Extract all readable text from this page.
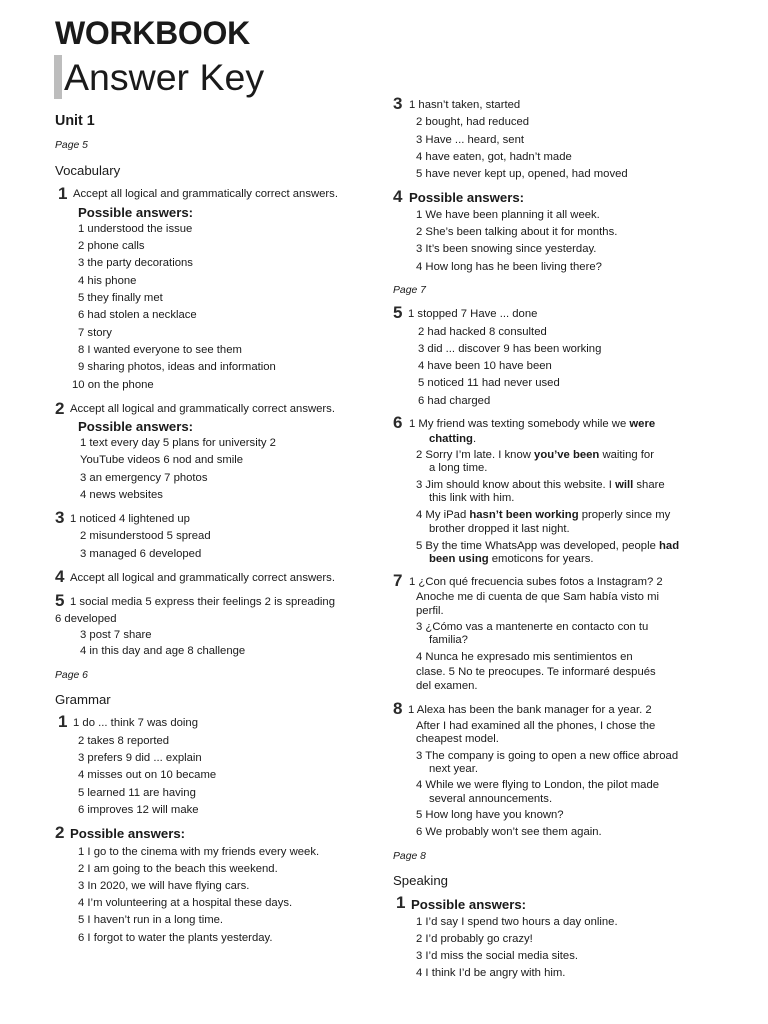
WORKBOOK
Answer Key
Unit 1
Page 5
Vocabulary
1 Accept all logical and grammatically correct answers.
Possible answers:
1 understood the issue
2 phone calls
3 the party decorations
4 his phone
5 they finally met
6 had stolen a necklace
7 story
8 I wanted everyone to see them
9 sharing photos, ideas and information
10 on the phone
2 Accept all logical and grammatically correct answers.
Possible answers:
1 text every day 5 plans for university 2
YouTube videos 6 nod and smile
3 an emergency 7 photos
4 news websites
3 1 noticed 4 lightened up
2 misunderstood 5 spread
3 managed 6 developed
4 Accept all logical and grammatically correct answers.
5 1 social media 5 express their feelings 2 is spreading
6 developed
3 post 7 share
4 in this day and age 8 challenge
Page 6
Grammar
1 1 do ... think 7 was doing
2 takes 8 reported
3 prefers 9 did ... explain
4 misses out on 10 became
5 learned 11 are having
6 improves 12 will make
2 Possible answers:
1 I go to the cinema with my friends every week.
2 I am going to the beach this weekend.
3 In 2020, we will have flying cars.
4 I’m volunteering at a hospital these days.
5 I haven’t run in a long time.
6 I forgot to water the plants yesterday.
3 1 hasn’t taken, started
2 bought, had reduced
3 Have ... heard, sent
4 have eaten, got, hadn’t made
5 have never kept up, opened, had moved
4 Possible answers:
1 We have been planning it all week.
2 She’s been talking about it for months.
3 It’s been snowing since yesterday.
4 How long has he been living there?
Page 7
5 1 stopped 7 Have ... done
2 had hacked 8 consulted
3 did ... discover 9 has been working
4 have been 10 have been
5 noticed 11 had never used
6 had charged
6 1 My friend was texting somebody while we were
chatting.
2 Sorry I’m late. I know you’ve been waiting for
a long time.
3 Jim should know about this website. I will share
this link with him.
4 My iPad hasn’t been working properly since my
brother dropped it last night.
5 By the time WhatsApp was developed, people had
been using emoticons for years.
7 1 ¿Con qué frecuencia subes fotos a Instagram? 2
Anoche me di cuenta de que Sam había visto mi
perfil.
3 ¿Cómo vas a mantenerte en contacto con tu
familia?
4 Nunca he expresado mis sentimientos en
clase. 5 No te preocupes. Te informaré después
del examen.
8 1 Alexa has been the bank manager for a year. 2
After I had examined all the phones, I chose the
cheapest model.
3 The company is going to open a new office abroad
next year.
4 While we were flying to London, the pilot made
several announcements.
5 How long have you known?
6 We probably won’t see them again.
Page 8
Speaking
1 Possible answers:
1 I’d say I spend two hours a day online.
2 I’d probably go crazy!
3 I’d miss the social media sites.
4 I think I’d be angry with him.
